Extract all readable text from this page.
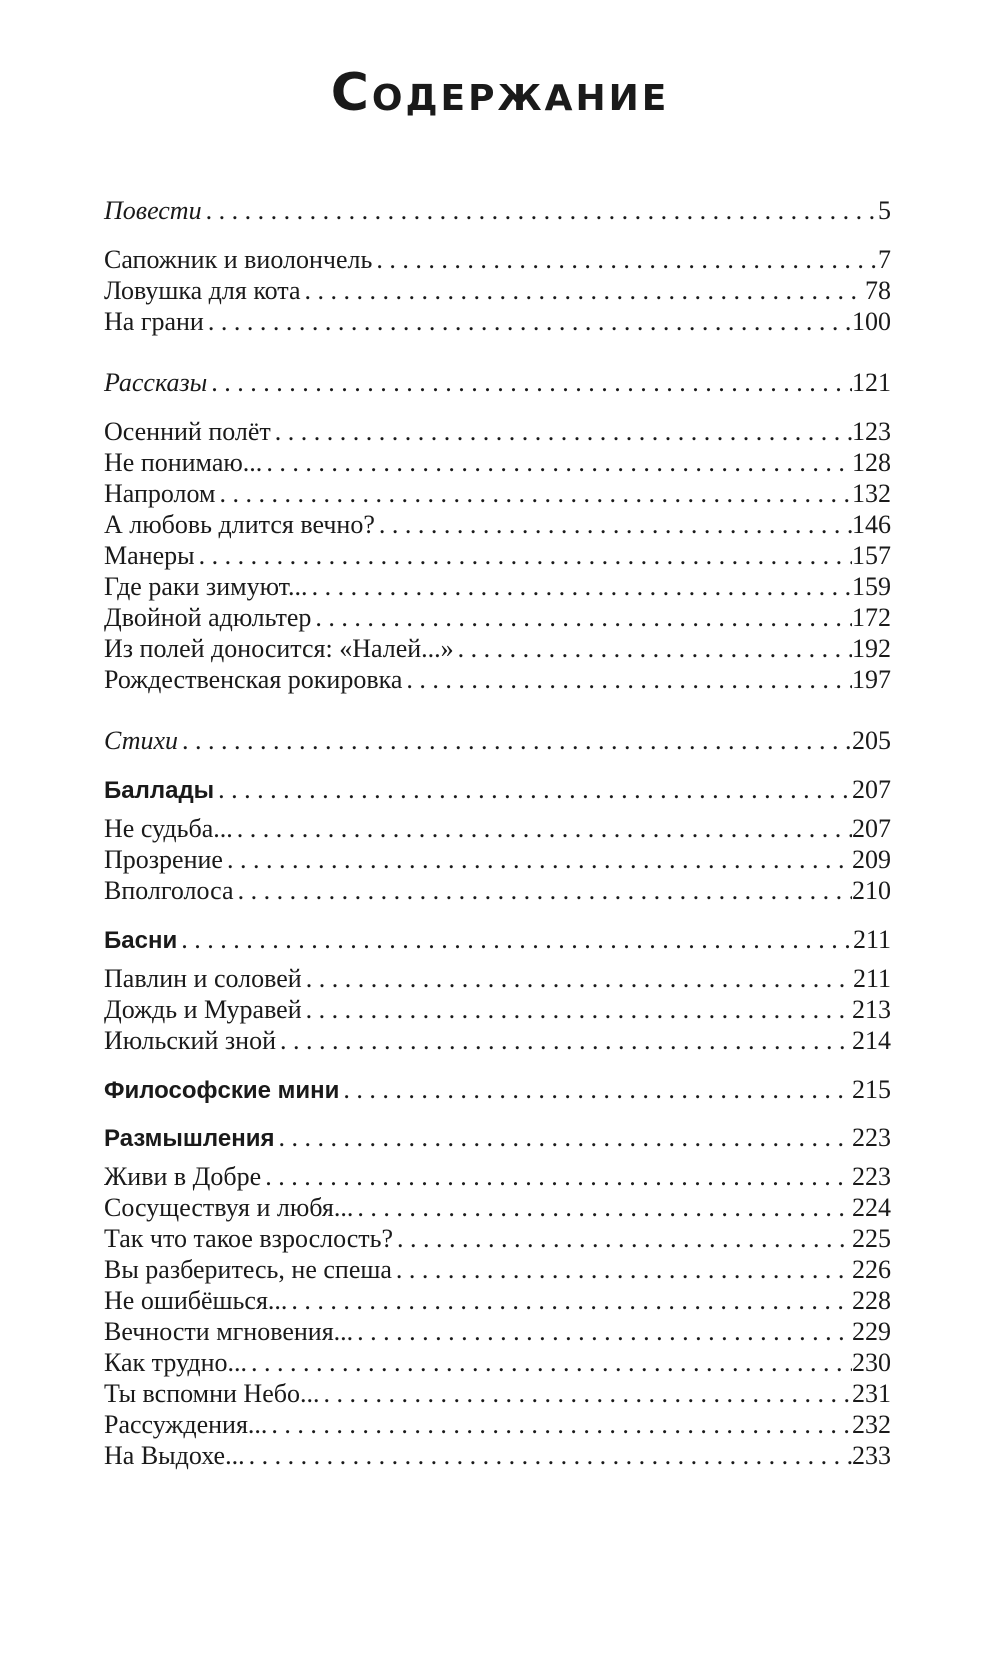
Содержание
Повести . . .	5
Сапожник и виолончель . . .	7
Ловушка для кота . . .	78
На грани . . .	100
Рассказы . . .	121
Осенний полёт . . .	123
Не понимаю... . . .	128
Напролом . . .	132
А любовь длится вечно? . . .	146
Манеры . . .	157
Где раки зимуют... . . .	159
Двойной адюльтер . . .	172
Из полей доносится: «Налей...» . . .	192
Рождественская рокировка . . .	197
Стихи . . .	205
Баллады . . .	207
Не судьба... . . .	207
Прозрение . . .	209
Вполголоса . . .	210
Басни . . .	211
Павлин и соловей . . .	211
Дождь и Муравей . . .	213
Июльский зной . . .	214
Философские мини . . .	215
Размышления . . .	223
Живи в Добре . . .	223
Сосуществуя и любя... . . .	224
Так что такое взрослость? . . .	225
Вы разберитесь, не спеша . . .	226
Не ошибёшься... . . .	228
Вечности мгновения... . . .	229
Как трудно... . . .	230
Ты вспомни Небо... . . .	231
Рассуждения... . . .	232
На Выдохе... . . .	233
